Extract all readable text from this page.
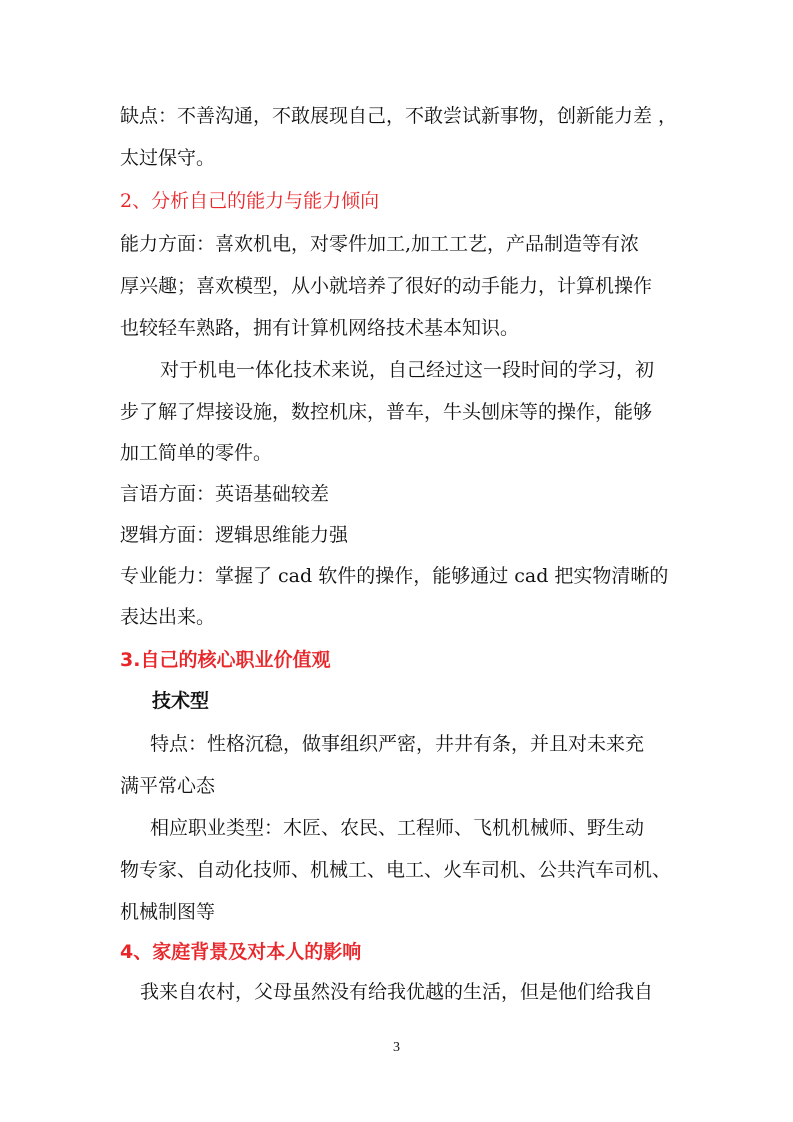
缺点：不善沟通，不敢展现自己，不敢尝试新事物，创新能力差 ，
太过保守。
2、分析自己的能力与能力倾向
能力方面：喜欢机电，对零件加工,加工工艺，产品制造等有浓
厚兴趣；喜欢模型，从小就培养了很好的动手能力，计算机操作
也较轻车熟路，拥有计算机网络技术基本知识。
对于机电一体化技术来说，自己经过这一段时间的学习，初
步了解了焊接设施，数控机床，普车，牛头刨床等的操作，能够
加工简单的零件。
言语方面：英语基础较差
逻辑方面：逻辑思维能力强
专业能力：掌握了 cad 软件的操作，能够通过 cad 把实物清晰的
表达出来。
3.自己的核心职业价值观
技术型
特点：性格沉稳，做事组织严密，井井有条，并且对未来充
满平常心态
相应职业类型：木匠、农民、工程师、飞机机械师、野生动
物专家、自动化技师、机械工、电工、火车司机、公共汽车司机、
机械制图等
4、家庭背景及对本人的影响
我来自农村，父母虽然没有给我优越的生活，但是他们给我自
3
